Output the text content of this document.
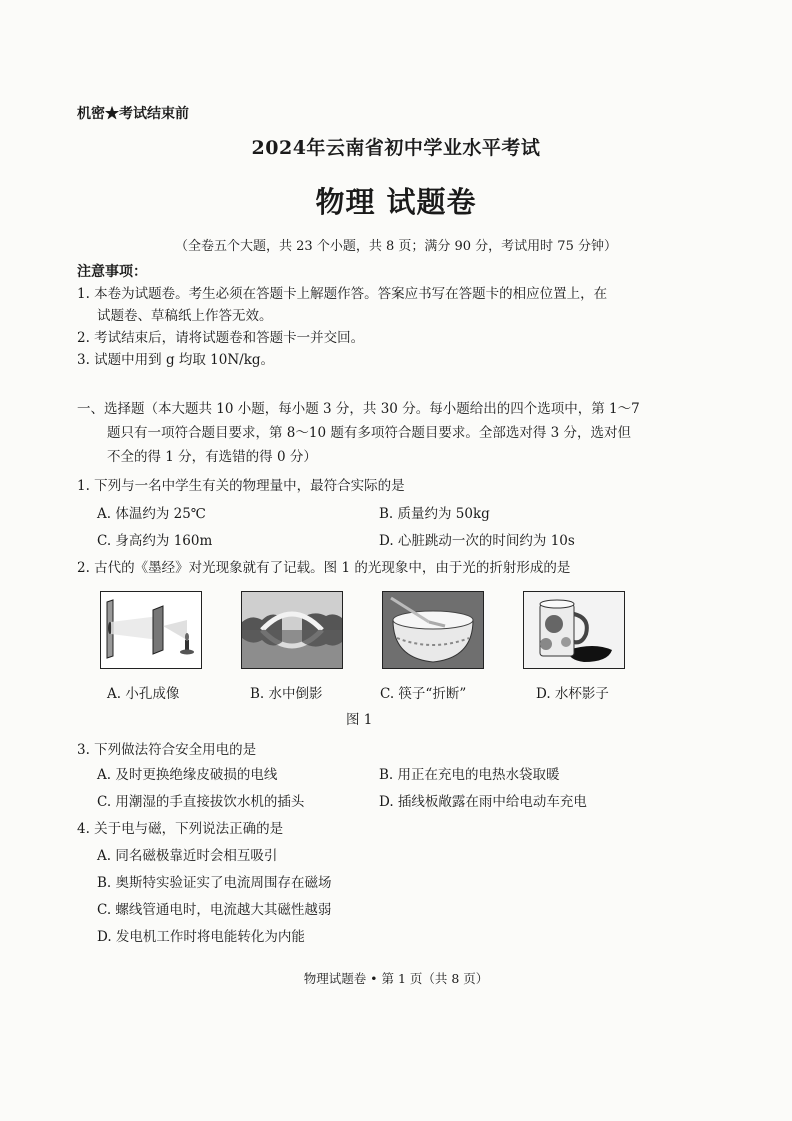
机密★考试结束前
2024年云南省初中学业水平考试
物理 试题卷
（全卷五个大题，共 23 个小题，共 8 页；满分 90 分，考试用时 75 分钟）
注意事项：
1. 本卷为试题卷。考生必须在答题卡上解题作答。答案应书写在答题卡的相应位置上，在
试题卷、草稿纸上作答无效。
2. 考试结束后，请将试题卷和答题卡一并交回。
3. 试题中用到 g 均取 10N/kg。
一、选择题（本大题共 10 小题，每小题 3 分，共 30 分。每小题给出的四个选项中，第 1～7
题只有一项符合题目要求，第 8～10 题有多项符合题目要求。全部选对得 3 分，选对但
不全的得 1 分，有选错的得 0 分）
1. 下列与一名中学生有关的物理量中，最符合实际的是
A. 体温约为 25℃	B. 质量约为 50kg
C. 身高约为 160m	D. 心脏跳动一次的时间约为 10s
2. 古代的《墨经》对光现象就有了记载。图 1 的光现象中，由于光的折射形成的是
A. 小孔成像	B. 水中倒影	C. 筷子“折断”	D. 水杯影子
图 1
3. 下列做法符合安全用电的是
A. 及时更换绝缘皮破损的电线	B. 用正在充电的电热水袋取暖
C. 用潮湿的手直接拔饮水机的插头	D. 插线板敞露在雨中给电动车充电
4. 关于电与磁，下列说法正确的是
A. 同名磁极靠近时会相互吸引
B. 奥斯特实验证实了电流周围存在磁场
C. 螺线管通电时，电流越大其磁性越弱
D. 发电机工作时将电能转化为内能
物理试题卷 • 第 1 页（共 8 页）
